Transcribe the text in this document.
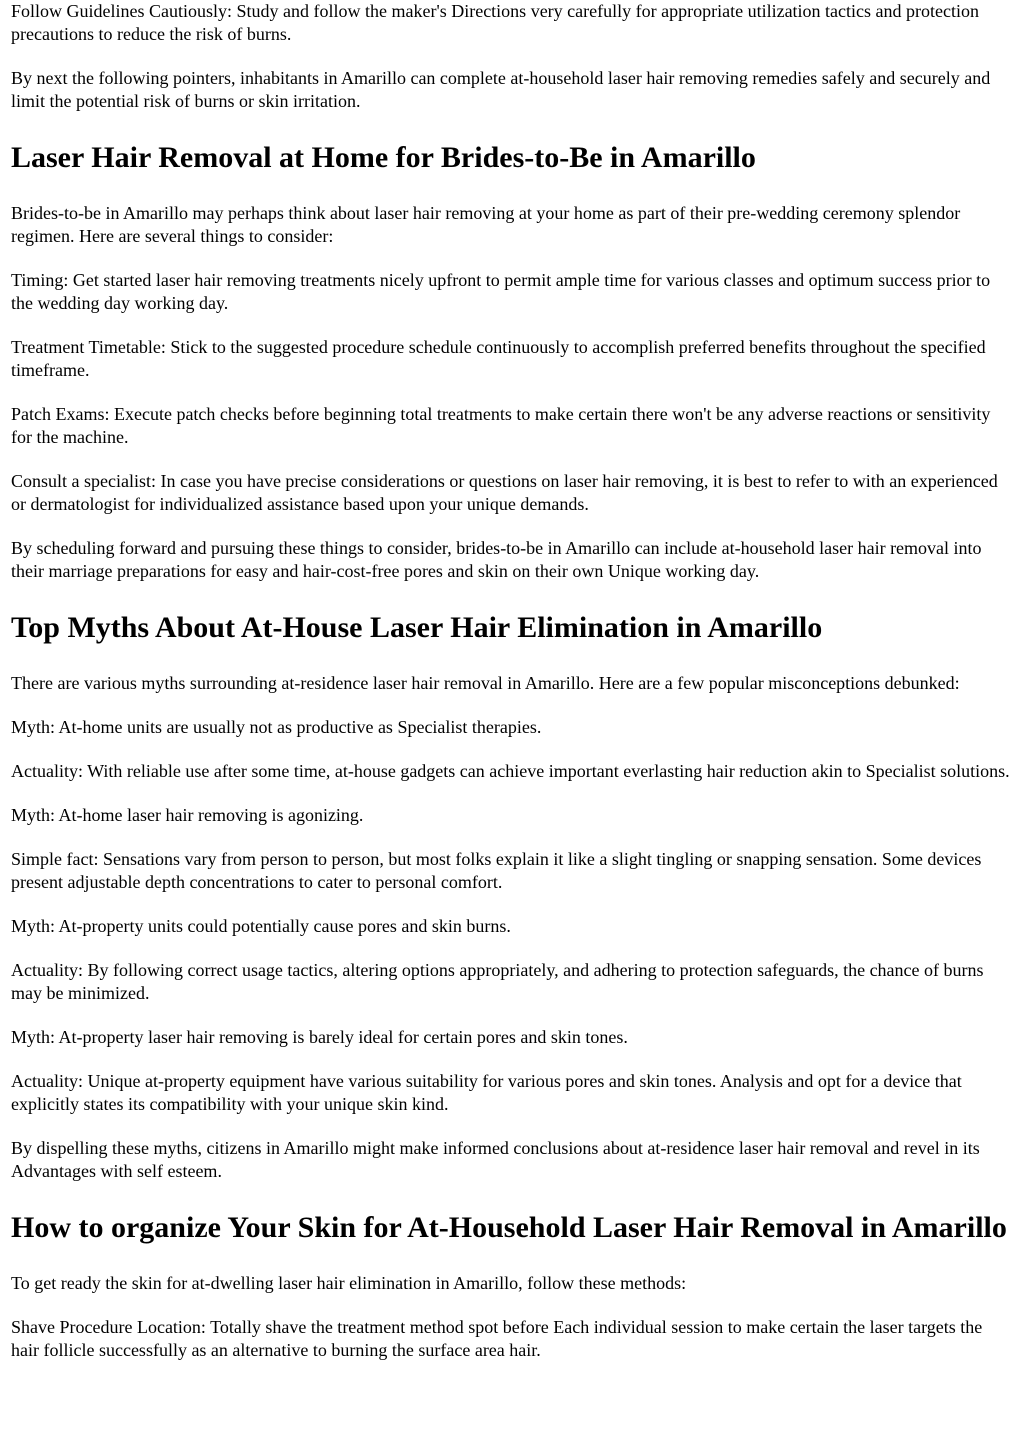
Follow Guidelines Cautiously: Study and follow the maker's Directions very carefully for appropriate utilization tactics and protection precautions to reduce the risk of burns.

By next the following pointers, inhabitants in Amarillo can complete at-household laser hair removing remedies safely and securely and limit the potential risk of burns or skin irritation.

Laser Hair Removal at Home for Brides-to-Be in Amarillo

Brides-to-be in Amarillo may perhaps think about laser hair removing at your home as part of their pre-wedding ceremony splendor regimen. Here are several things to consider:

Timing: Get started laser hair removing treatments nicely upfront to permit ample time for various classes and optimum success prior to the wedding day working day.

Treatment Timetable: Stick to the suggested procedure schedule continuously to accomplish preferred benefits throughout the specified timeframe.

Patch Exams: Execute patch checks before beginning total treatments to make certain there won't be any adverse reactions or sensitivity for the machine.

Consult a specialist: In case you have precise considerations or questions on laser hair removing, it is best to refer to with an experienced or dermatologist for individualized assistance based upon your unique demands.

By scheduling forward and pursuing these things to consider, brides-to-be in Amarillo can include at-household laser hair removal into their marriage preparations for easy and hair-cost-free pores and skin on their own Unique working day.

Top Myths About At-House Laser Hair Elimination in Amarillo

There are various myths surrounding at-residence laser hair removal in Amarillo. Here are a few popular misconceptions debunked:

Myth: At-home units are usually not as productive as Specialist therapies.

Actuality: With reliable use after some time, at-house gadgets can achieve important everlasting hair reduction akin to Specialist solutions.

Myth: At-home laser hair removing is agonizing.

Simple fact: Sensations vary from person to person, but most folks explain it like a slight tingling or snapping sensation. Some devices present adjustable depth concentrations to cater to personal comfort.

Myth: At-property units could potentially cause pores and skin burns.

Actuality: By following correct usage tactics, altering options appropriately, and adhering to protection safeguards, the chance of burns may be minimized.

Myth: At-property laser hair removing is barely ideal for certain pores and skin tones.

Actuality: Unique at-property equipment have various suitability for various pores and skin tones. Analysis and opt for a device that explicitly states its compatibility with your unique skin kind.

By dispelling these myths, citizens in Amarillo might make informed conclusions about at-residence laser hair removal and revel in its Advantages with self esteem.

How to organize Your Skin for At-Household Laser Hair Removal in Amarillo

To get ready the skin for at-dwelling laser hair elimination in Amarillo, follow these methods:

Shave Procedure Location: Totally shave the treatment method spot before Each individual session to make certain the laser targets the hair follicle successfully as an alternative to burning the surface area hair.
